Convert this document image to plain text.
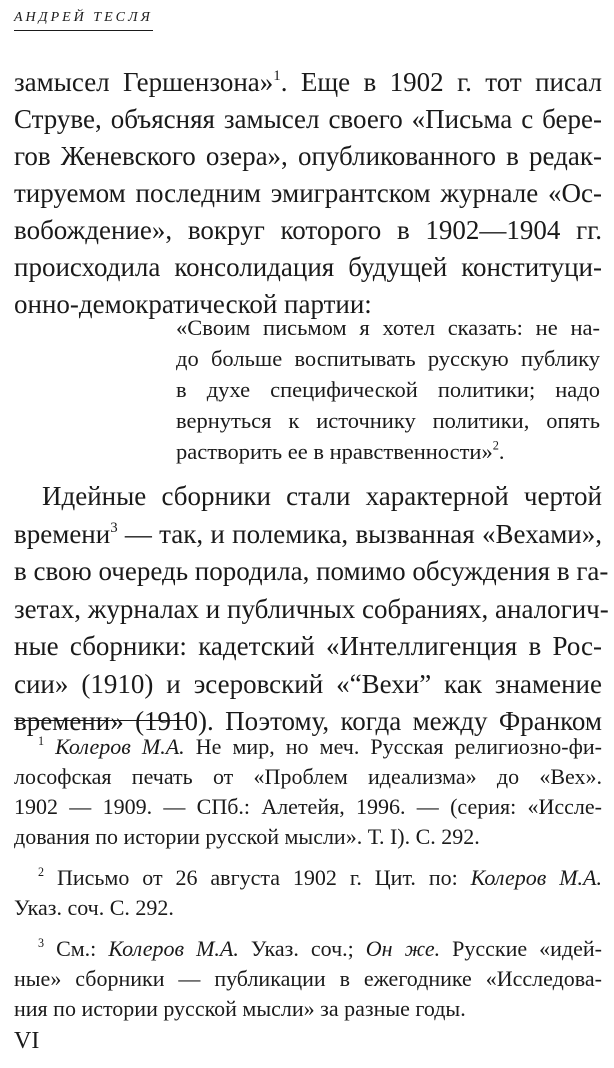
АНДРЕЙ ТЕСЛЯ
замысел Гершензона»$^1$. Еще в 1902 г. тот писал
Струве, объясняя замысел своего «Письма с бере-
гов Женевского озера», опубликованного в редак-
тируемом последним эмигрантском журнале «Ос-
вобождение», вокруг которого в 1902—1904 гг.
происходила консолидация будущей конституци-
онно-демократической партии:
«Своим письмом я хотел сказать: не на-
до больше воспитывать русскую публику
в духе специфической политики; надо
вернуться к источнику политики, опять
растворить ее в нравственности»$^2$.
Идейные сборники стали характерной чертой
времени$^3$ — так, и полемика, вызванная «Вехами»,
в свою очередь породила, помимо обсуждения в га-
зетах, журналах и публичных собраниях, аналогич-
ные сборники: кадетский «Интеллигенция в Рос-
сии» (1910) и эсеровский «“Вехи” как знамение
времени» (1910). Поэтому, когда между Франком
$^1$ Колеров М.А. Не мир, но меч. Русская религиозно-фи-
лософская печать от «Проблем идеализма» до «Вех».
1902 — 1909. — СПб.: Алетейя, 1996. — (серия: «Иссле-
дования по истории русской мысли». Т. I). С. 292.
$^2$ Письмо от 26 августа 1902 г. Цит. по: Колеров М.А.
Указ. соч. С. 292.
$^3$ См.: Колеров М.А. Указ. соч.; Он же. Русские «идей-
ные» сборники — публикации в ежегоднике «Исследова-
ния по истории русской мысли» за разные годы.
VI
